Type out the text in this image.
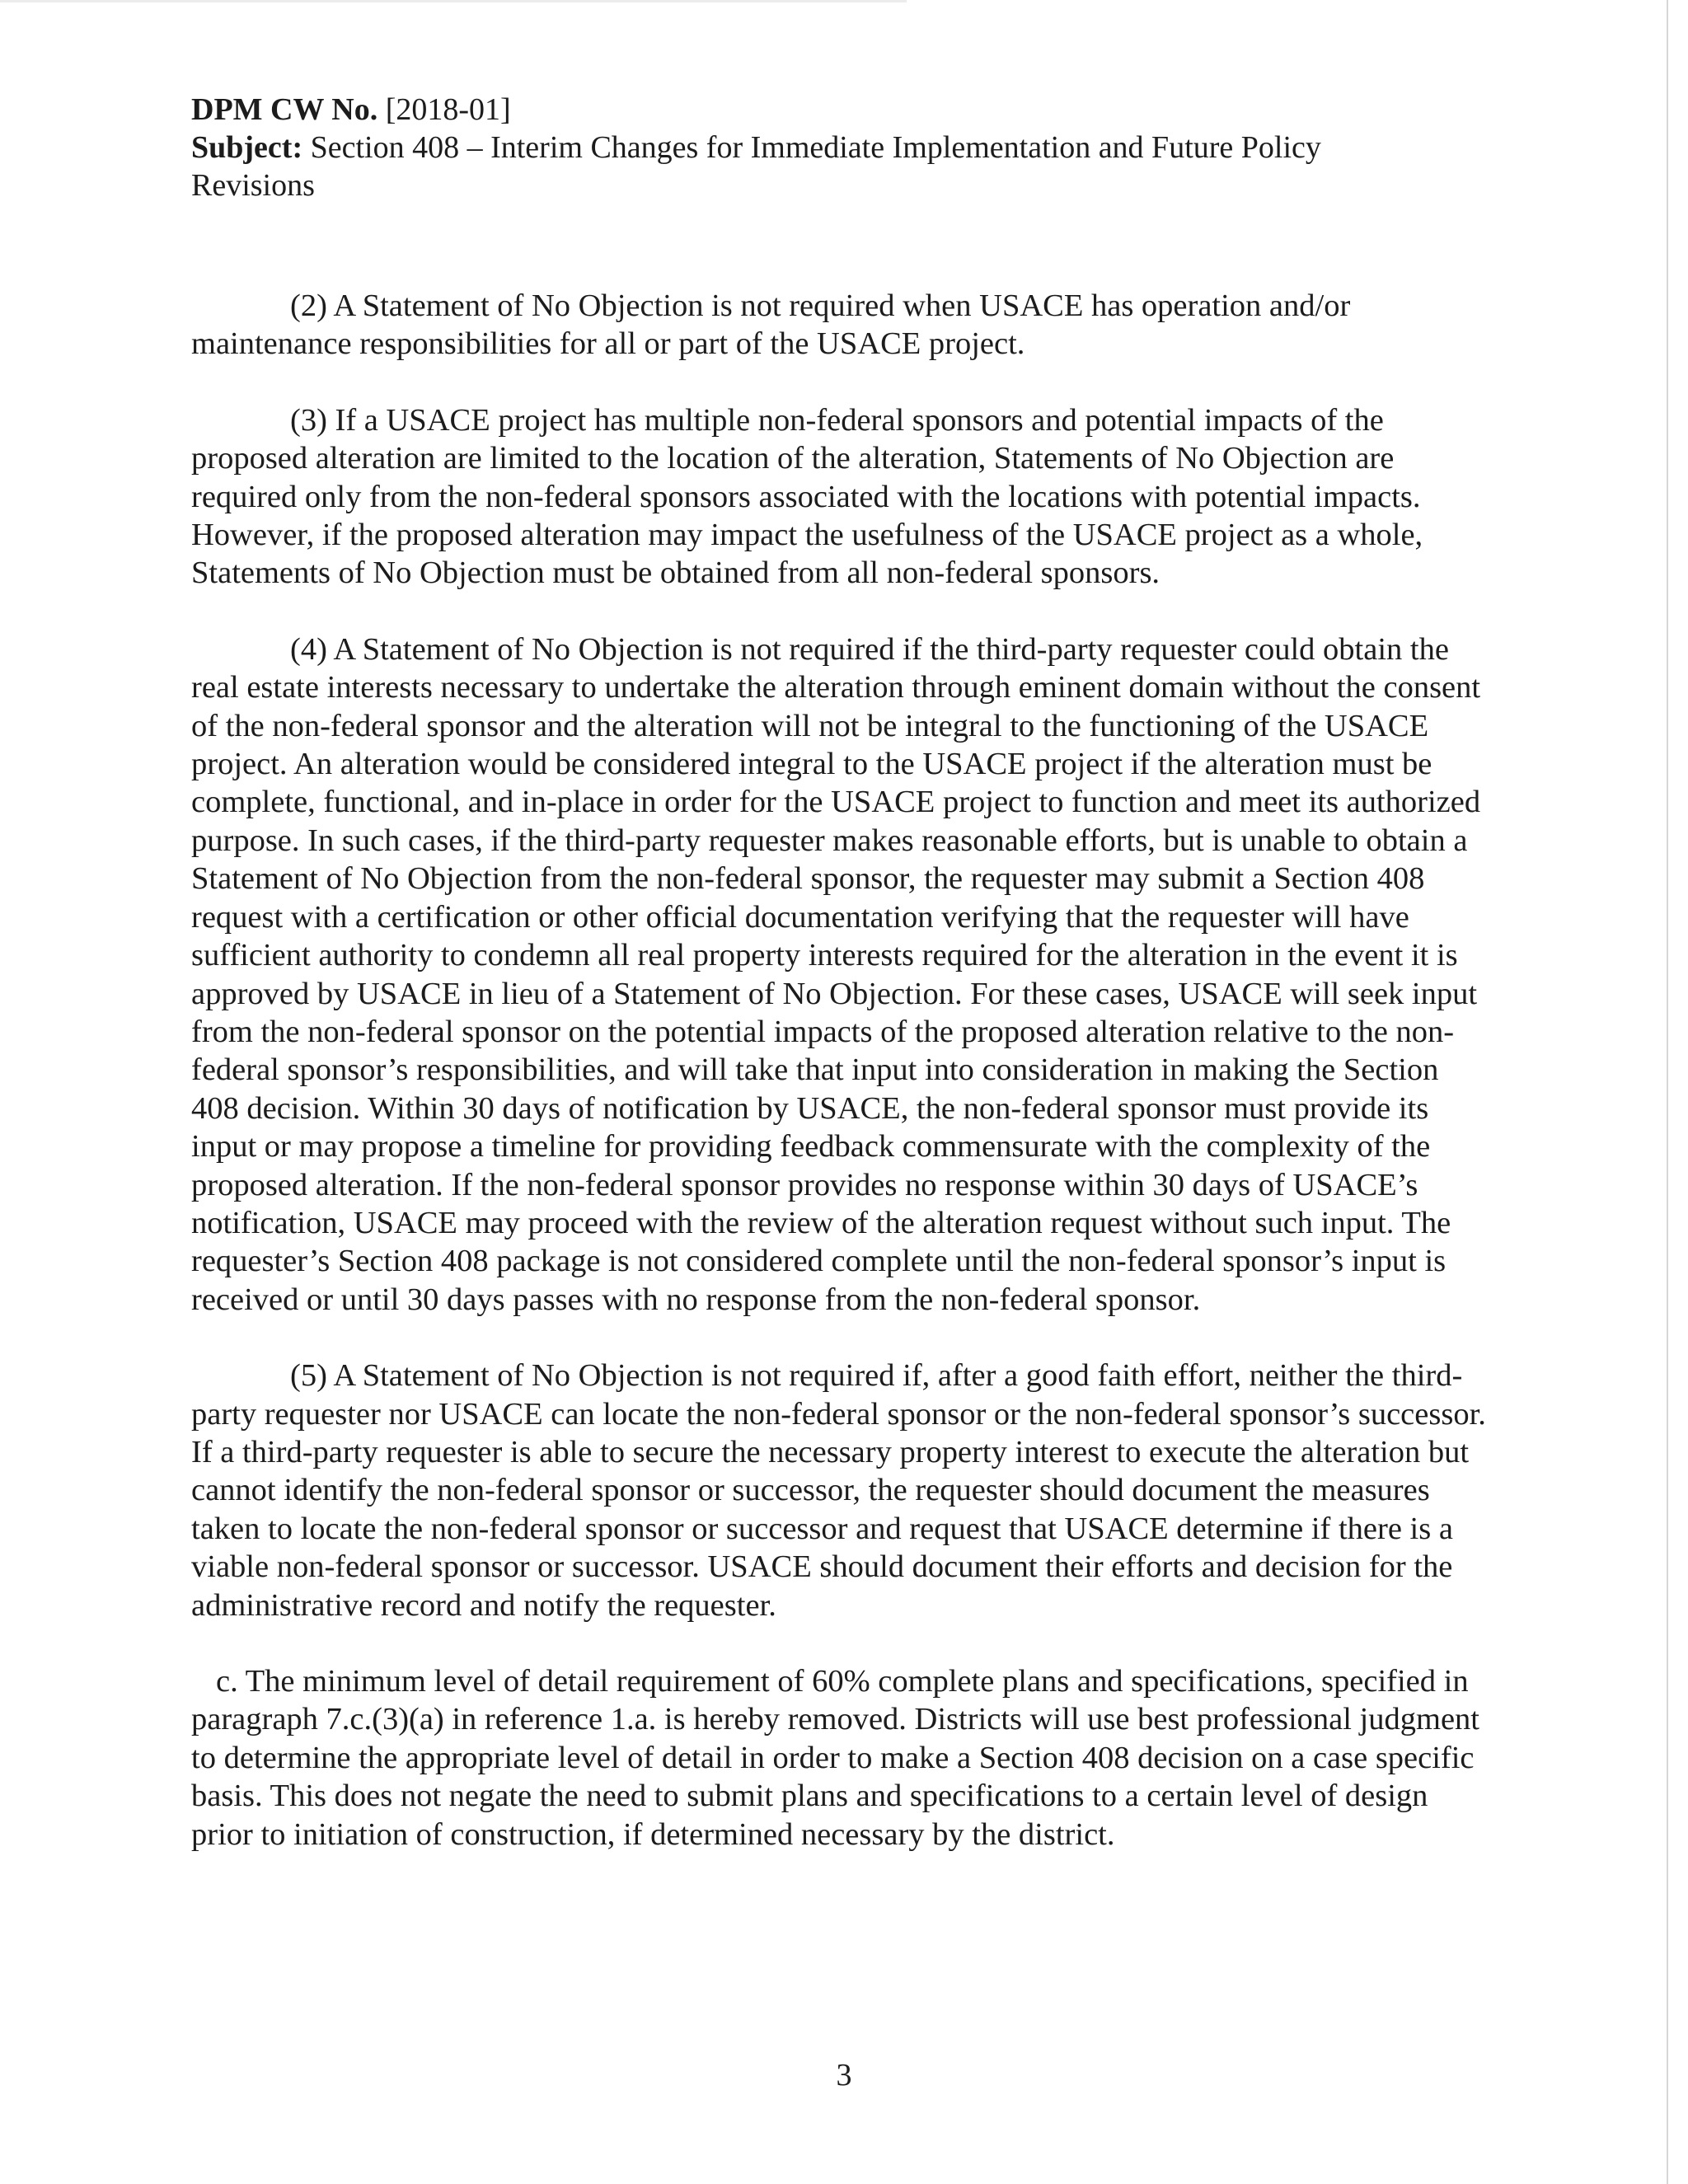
DPM CW No. [2018-01]
Subject: Section 408 – Interim Changes for Immediate Implementation and Future Policy
Revisions

(2) A Statement of No Objection is not required when USACE has operation and/or maintenance responsibilities for all or part of the USACE project.

(3) If a USACE project has multiple non-federal sponsors and potential impacts of the proposed alteration are limited to the location of the alteration, Statements of No Objection are required only from the non-federal sponsors associated with the locations with potential impacts. However, if the proposed alteration may impact the usefulness of the USACE project as a whole, Statements of No Objection must be obtained from all non-federal sponsors.

(4) A Statement of No Objection is not required if the third-party requester could obtain the real estate interests necessary to undertake the alteration through eminent domain without the consent of the non-federal sponsor and the alteration will not be integral to the functioning of the USACE project. An alteration would be considered integral to the USACE project if the alteration must be complete, functional, and in-place in order for the USACE project to function and meet its authorized purpose. In such cases, if the third-party requester makes reasonable efforts, but is unable to obtain a Statement of No Objection from the non-federal sponsor, the requester may submit a Section 408 request with a certification or other official documentation verifying that the requester will have sufficient authority to condemn all real property interests required for the alteration in the event it is approved by USACE in lieu of a Statement of No Objection. For these cases, USACE will seek input from the non-federal sponsor on the potential impacts of the proposed alteration relative to the non-federal sponsor’s responsibilities, and will take that input into consideration in making the Section 408 decision. Within 30 days of notification by USACE, the non-federal sponsor must provide its input or may propose a timeline for providing feedback commensurate with the complexity of the proposed alteration. If the non-federal sponsor provides no response within 30 days of USACE’s notification, USACE may proceed with the review of the alteration request without such input. The requester’s Section 408 package is not considered complete until the non-federal sponsor’s input is received or until 30 days passes with no response from the non-federal sponsor.

(5) A Statement of No Objection is not required if, after a good faith effort, neither the third-party requester nor USACE can locate the non-federal sponsor or the non-federal sponsor’s successor. If a third-party requester is able to secure the necessary property interest to execute the alteration but cannot identify the non-federal sponsor or successor, the requester should document the measures taken to locate the non-federal sponsor or successor and request that USACE determine if there is a viable non-federal sponsor or successor. USACE should document their efforts and decision for the administrative record and notify the requester.

c. The minimum level of detail requirement of 60% complete plans and specifications, specified in paragraph 7.c.(3)(a) in reference 1.a. is hereby removed. Districts will use best professional judgment to determine the appropriate level of detail in order to make a Section 408 decision on a case specific basis. This does not negate the need to submit plans and specifications to a certain level of design prior to initiation of construction, if determined necessary by the district.

3
